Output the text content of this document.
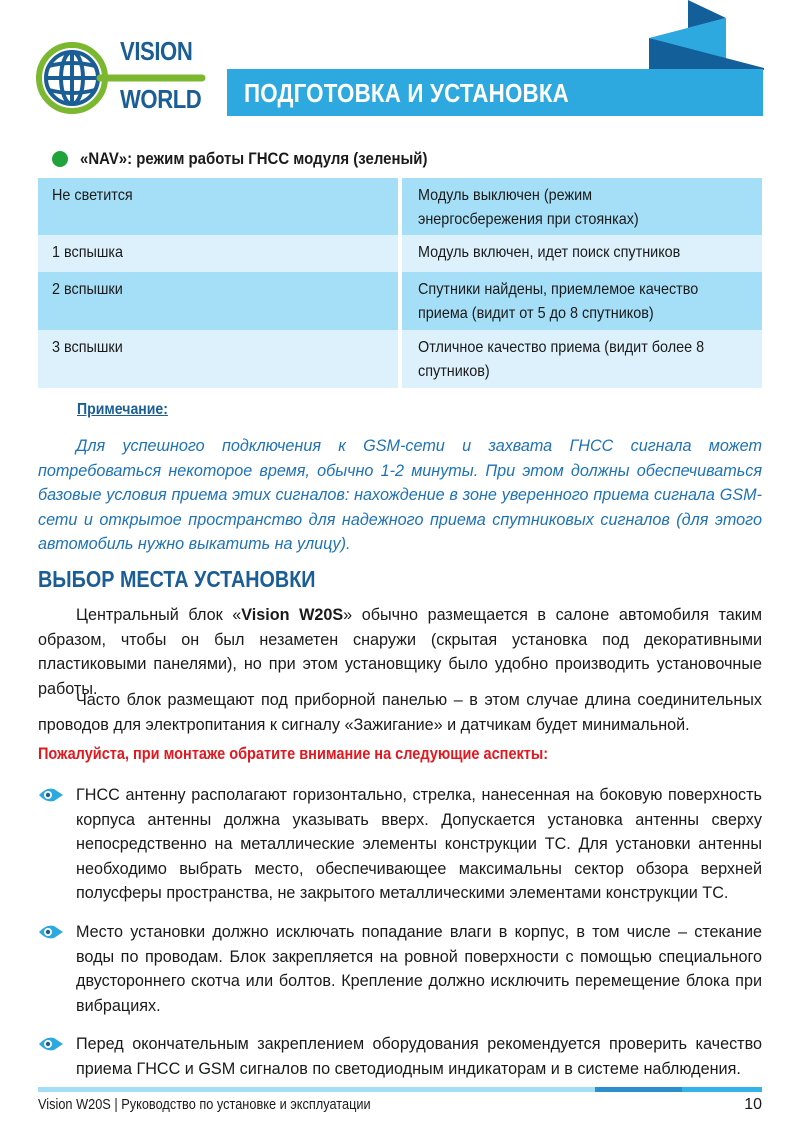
VISION
WORLD ПОДГОТОВКА И УСТАНОВКА
«NAV»: режим работы ГНСС модуля (зеленый)
Не светится	Модуль выключен (режим энергосбережения при стоянках)
1 вспышка	Модуль включен, идет поиск спутников
2 вспышки	Спутники найдены, приемлемое качество приема (видит от 5 до 8 спутников)
3 вспышки	Отличное качество приема (видит более 8 спутников)
Примечание:

Для успешного подключения к GSM-сети и захвата ГНСС сигнала может потребоваться некоторое время, обычно 1-2 минуты. При этом должны обеспечиваться базовые условия приема этих сигналов: нахождение в зоне уверенного приема сигнала GSM-сети и открытое пространство для надежного приема спутниковых сигналов (для этого автомобиль нужно выкатить на улицу).

ВЫБОР МЕСТА УСТАНОВКИ

Центральный блок «Vision W20S» обычно размещается в салоне автомобиля таким образом, чтобы он был незаметен снаружи (скрытая установка под декоративными пластиковыми панелями), но при этом установщику было удобно производить установочные работы.

Часто блок размещают под приборной панелью – в этом случае длина соединительных проводов для электропитания к сигналу «Зажигание» и датчикам будет минимальной.

Пожалуйста, при монтаже обратите внимание на следующие аспекты:
ГНСС антенну располагают горизонтально, стрелка, нанесенная на боковую поверхность корпуса антенны должна указывать вверх. Допускается установка антенны сверху непосредственно на металлические элементы конструкции ТС. Для установки антенны необходимо выбрать место, обеспечивающее максимальны сектор обзора верхней полусферы пространства, не закрытого металлическими элементами конструкции ТС.
Место установки должно исключать попадание влаги в корпус, в том числе – стекание воды по проводам. Блок закрепляется на ровной поверхности с помощью специального двустороннего скотча или болтов. Крепление должно исключить перемещение блока при вибрациях.
Перед окончательным закреплением оборудования рекомендуется проверить качество приема ГНСС и GSM сигналов по светодиодным индикаторам и в системе наблюдения.
Vision W20S | Руководство по установке и эксплуатации	10
